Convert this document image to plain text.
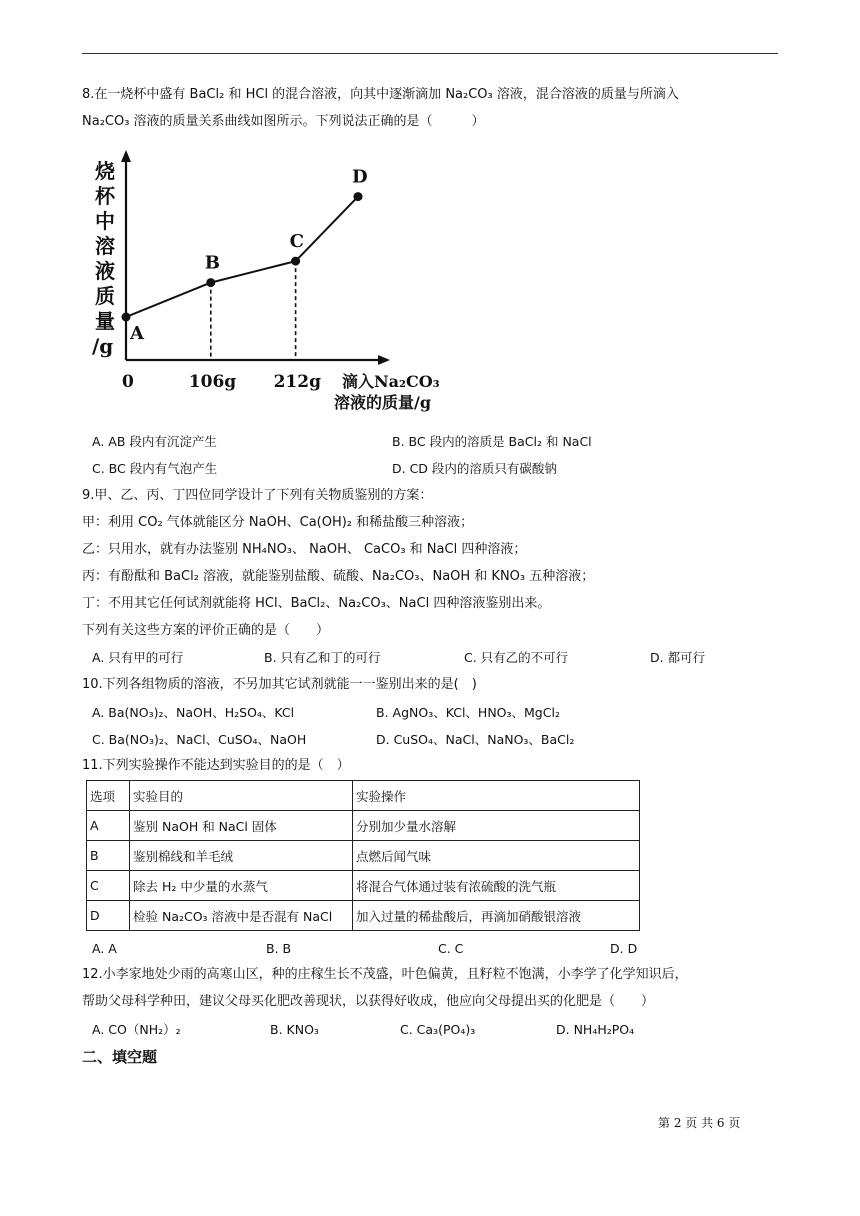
8.在一烧杯中盛有 BaCl₂ 和 HCl 的混合溶液，向其中逐渐滴加 Na₂CO₃ 溶液，混合溶液的质量与所滴入
Na₂CO₃ 溶液的质量关系曲线如图所示。下列说法正确的是（　　　）
烧
杯
中
溶
液
质
量
/g
A
B
C
D
0	106g 212g 滴入Na₂CO₃
溶液的质量/g
A. AB 段内有沉淀产生	B. BC 段内的溶质是 BaCl₂ 和 NaCl
C. BC 段内有气泡产生	D. CD 段内的溶质只有碳酸钠
9.甲、乙、丙、丁四位同学设计了下列有关物质鉴别的方案：
甲：利用 CO₂ 气体就能区分 NaOH、Ca(OH)₂ 和稀盐酸三种溶液；
乙：只用水，就有办法鉴别 NH₄NO₃、 NaOH、 CaCO₃ 和 NaCl 四种溶液；
丙：有酚酞和 BaCl₂ 溶液，就能鉴别盐酸、硫酸、Na₂CO₃、NaOH 和 KNO₃ 五种溶液；
丁：不用其它任何试剂就能将 HCl、BaCl₂、Na₂CO₃、NaCl 四种溶液鉴别出来。
下列有关这些方案的评价正确的是（　　）
A. 只有甲的可行	B. 只有乙和丁的可行	C. 只有乙的不可行	D. 都可行
10.下列各组物质的溶液，不另加其它试剂就能一一鉴别出来的是(　)
A. Ba(NO₃)₂、NaOH、H₂SO₄、KCl	B. AgNO₃、KCl、HNO₃、MgCl₂
C. Ba(NO₃)₂、NaCl、CuSO₄、NaOH	D. CuSO₄、NaCl、NaNO₃、BaCl₂
11.下列实验操作不能达到实验目的的是（　）
选项	实验目的	实验操作
A	鉴别 NaOH 和 NaCl 固体	分别加少量水溶解
B	鉴别棉线和羊毛绒	点燃后闻气味
C	除去 H₂ 中少量的水蒸气	将混合气体通过装有浓硫酸的洗气瓶
D	检验 Na₂CO₃ 溶液中是否混有 NaCl	加入过量的稀盐酸后，再滴加硝酸银溶液
A. A	B. B	C. C	D. D
12.小李家地处少雨的高寒山区，种的庄稼生长不茂盛，叶色偏黄，且籽粒不饱满，小李学了化学知识后，
帮助父母科学种田，建议父母买化肥改善现状，以获得好收成，他应向父母提出买的化肥是（　　）
A. CO（NH₂）₂	B. KNO₃	C. Ca₃(PO₄)₃	D. NH₄H₂PO₄
二、填空题
第 2 页 共 6 页
